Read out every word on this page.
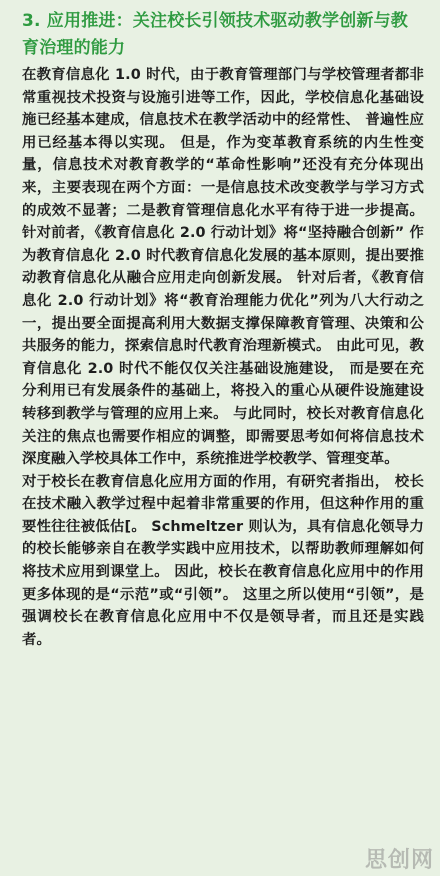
3. 应用推进：关注校长引领技术驱动教学创新与教育治理的能力

在教育信息化 1.0 时代，由于教育管理部门与学校管理者都非常重视技术投资与设施引进等工作，因此，学校信息化基础设施已经基本建成，信息技术在教学活动中的经常性、 普遍性应用已经基本得以实现。 但是，作为变革教育系统的内生性变量，信息技术对教育教学的“革命性影响”还没有充分体现出来，主要表现在两个方面：一是信息技术改变教学与学习方式的成效不显著；二是教育管理信息化水平有待于进一步提高。 针对前者，《教育信息化 2.0 行动计划》将“坚持融合创新” 作为教育信息化 2.0 时代教育信息化发展的基本原则，提出要推动教育信息化从融合应用走向创新发展。 针对后者，《教育信息化 2.0 行动计划》将“教育治理能力优化”列为八大行动之一，提出要全面提高利用大数据支撑保障教育管理、决策和公共服务的能力，探索信息时代教育治理新模式。 由此可见，教育信息化 2.0 时代不能仅仅关注基础设施建设， 而是要在充分利用已有发展条件的基础上，将投入的重心从硬件设施建设转移到教学与管理的应用上来。 与此同时，校长对教育信息化关注的焦点也需要作相应的调整，即需要思考如何将信息技术深度融入学校具体工作中，系统推进学校教学、管理变革。

对于校长在教育信息化应用方面的作用，有研究者指出， 校长在技术融入教学过程中起着非常重要的作用，但这种作用的重要性往往被低估[。 Schmeltzer 则认为，具有信息化领导力的校长能够亲自在教学实践中应用技术，以帮助教师理解如何将技术应用到课堂上。 因此，校长在教育信息化应用中的作用更多体现的是“示范”或“引领”。 这里之所以使用“引领”，是强调校长在教育信息化应用中不仅是领导者，而且还是实践者。

思创网
